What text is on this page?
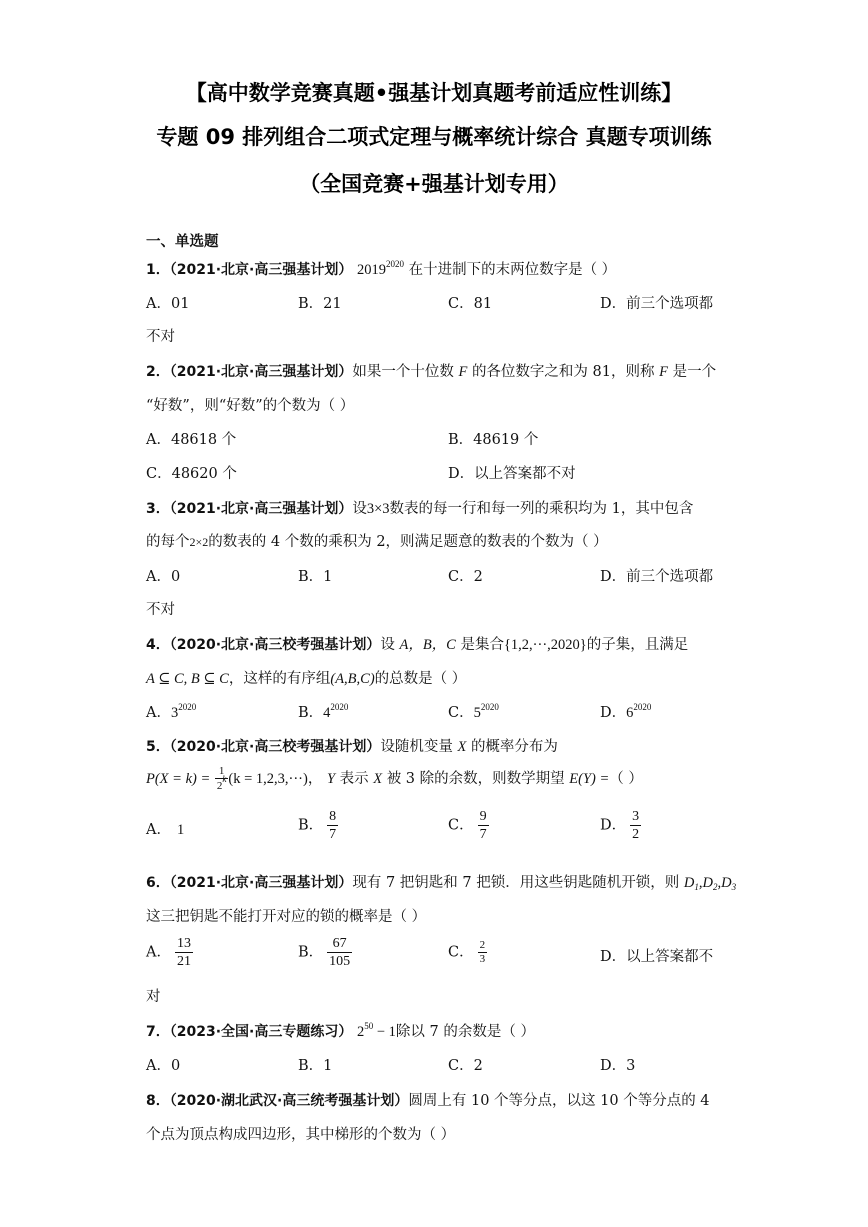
【高中数学竞赛真题•强基计划真题考前适应性训练】
专题 09 排列组合二项式定理与概率统计综合 真题专项训练
（全国竞赛+强基计划专用）
一、单选题
1．（2021·北京·高三强基计划） $2019^{2020}$ 在十进制下的末两位数字是（ ）
A．01	B．21	C．81	D．前三个选项都
不对
2．（2021·北京·高三强基计划）如果一个十位数 F 的各位数字之和为 81，则称 F 是一个
“好数”，则“好数”的个数为（ ）
A．48618 个	B．48619 个
C．48620 个	D．以上答案都不对
3．（2021·北京·高三强基计划）设3×3数表的每一行和每一列的乘积均为 1，其中包含
的每个2×2的数表的 4 个数的乘积为 2，则满足题意的数表的个数为（ ）
A．0	B．1	C．2	D．前三个选项都
不对
4．（2020·北京·高三校考强基计划）设 A，B，C 是集合{1,2,···,2020}的子集，且满足
A ⊆ C, B ⊆ C，这样的有序组(A,B,C)的总数是（ ）
A．$3^{2020}$	B．$4^{2020}$	C．$5^{2020}$	D．$6^{2020}$
5．（2020·北京·高三校考强基计划）设随机变量 X 的概率分布为
$P(X = k) = \frac{1}{2^k} (k = 1,2,3,\cdot\cdot\cdot)$， Y 表示 X 被 3 除的余数，则数学期望 E(Y) =（ ）
A． 1	B． $\frac{8}{7}$	C． $\frac{9}{7}$	D． $\frac{3}{2}$
6．（2021·北京·高三强基计划）现有 7 把钥匙和 7 把锁．用这些钥匙随机开锁，则 $D_1,D_2,D_3$
这三把钥匙不能打开对应的锁的概率是（ ）
A． $\frac{13}{21}$	B． $\frac{67}{105}$	C． $\frac{2}{3}$	D．以上答案都不
对
7．（2023·全国·高三专题练习） $2^{50} - 1$除以 7 的余数是（ ）
A．0	B．1	C．2	D．3
8．（2020·湖北武汉·高三统考强基计划）圆周上有 10 个等分点，以这 10 个等分点的 4
个点为顶点构成四边形，其中梯形的个数为（ ）
